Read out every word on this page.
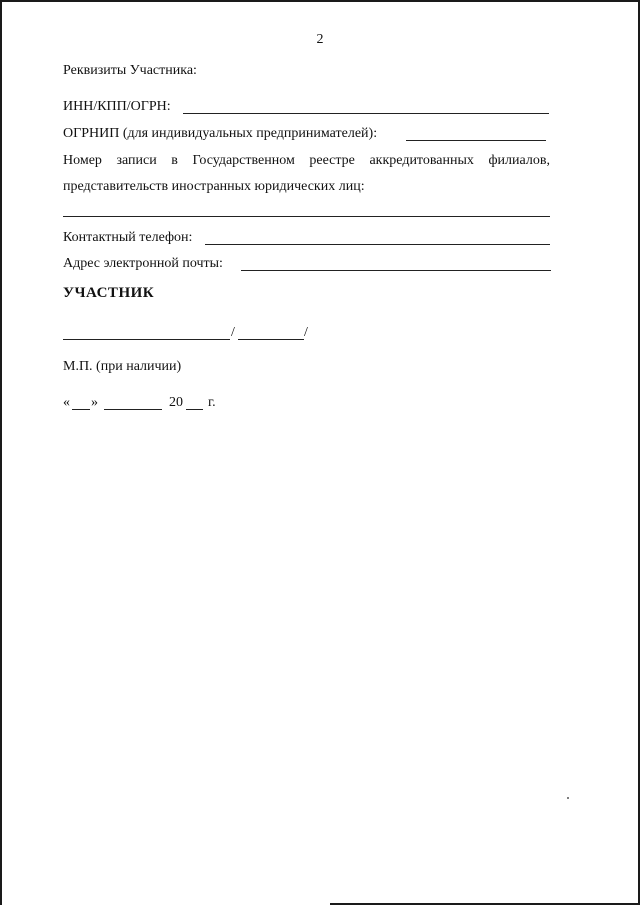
2
Реквизиты Участника:
ИНН/КПП/ОГРН:
ОГРНИП (для индивидуальных предпринимателей):
Номер записи в Государственном реестре аккредитованных филиалов,
представительств иностранных юридических лиц:
Контактный телефон:
Адрес электронной почты:
УЧАСТНИК
/	/
М.П. (при наличии)
« »	20 г.
